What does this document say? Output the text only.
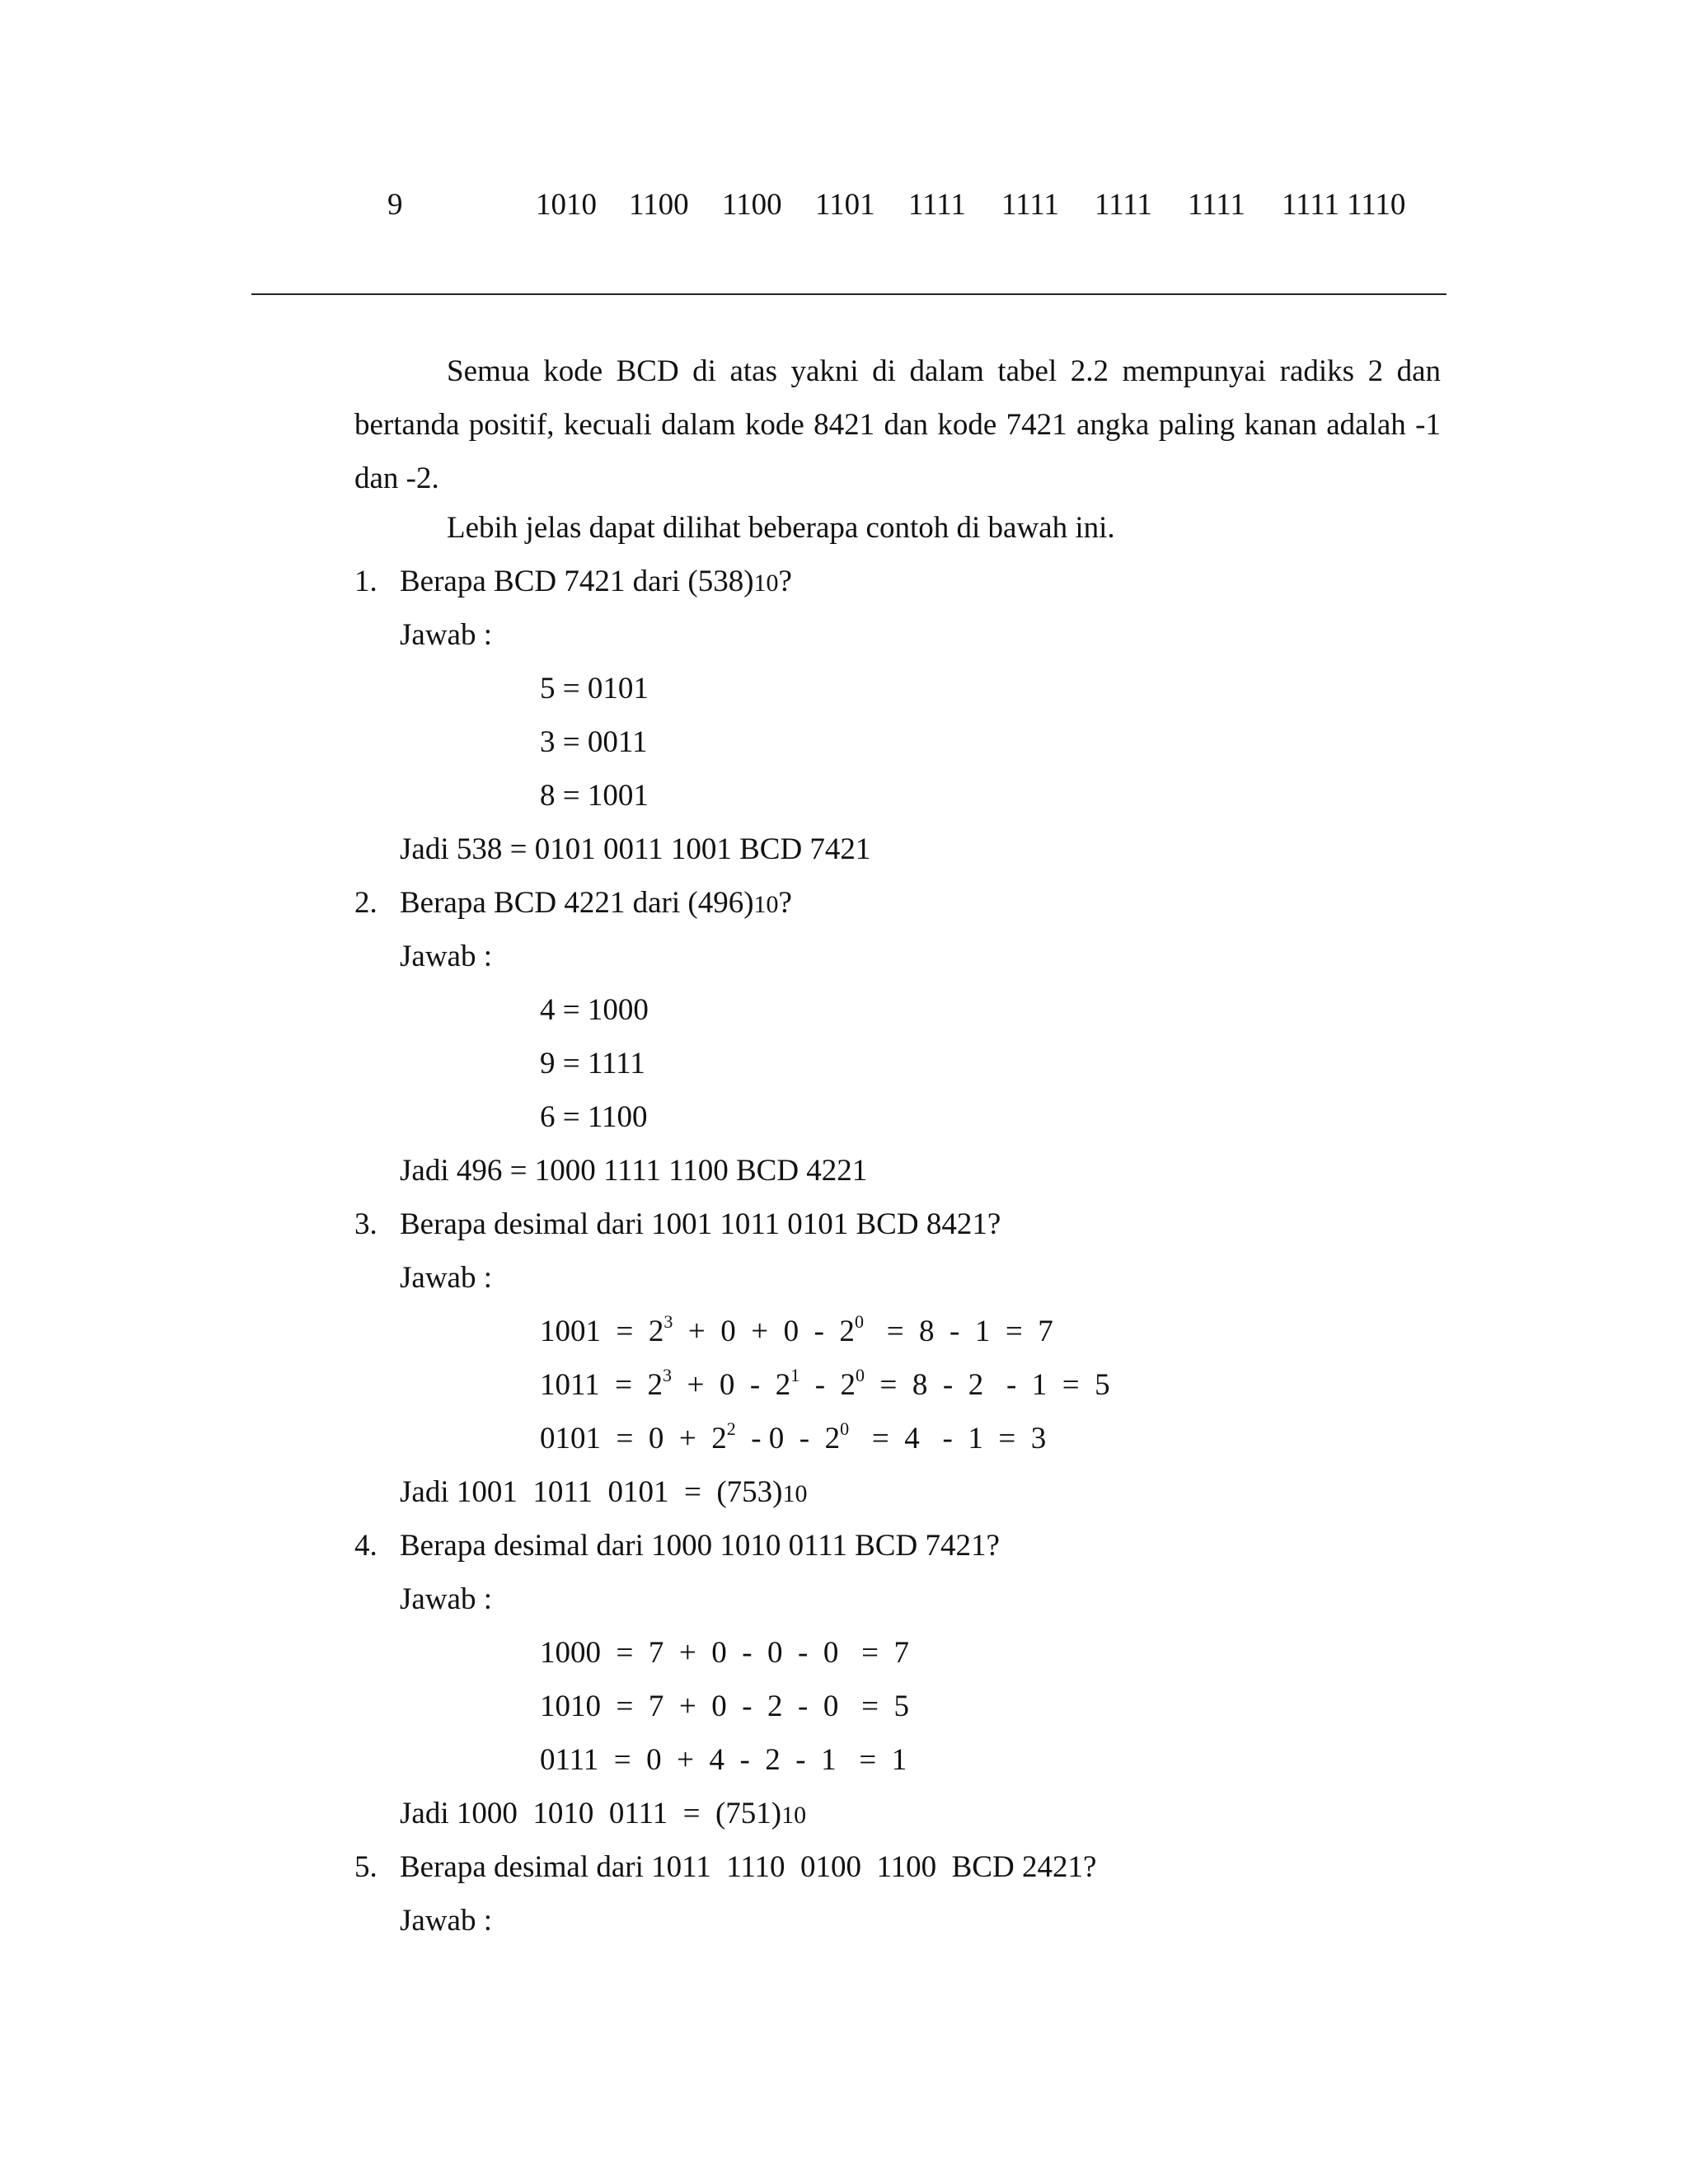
9	1010 1100 1100 1101 1111 1111 1111 1111 1111 1110
Semua kode BCD di atas yakni di dalam tabel 2.2 mempunyai radiks 2 dan bertanda positif, kecuali dalam kode 8421 dan kode 7421 angka paling kanan adalah -1 dan -2.
Lebih jelas dapat dilihat beberapa contoh di bawah ini.
1. Berapa BCD 7421 dari (538)10?
Jawab :
5 = 0101
3 = 0011
8 = 1001
Jadi 538 = 0101 0011 1001 BCD 7421
2. Berapa BCD 4221 dari (496)10?
Jawab :
4 = 1000
9 = 1111
6 = 1100
Jadi 496 = 1000 1111 1100 BCD 4221
3. Berapa desimal dari 1001 1011 0101 BCD 8421?
Jawab :
$1001 = 2^3 + 0 + 0 - 2^0 = 8 - 1 = 7$
$1011 = 2^3 + 0 - 2^1 - 2^0 = 8 - 2 - 1 = 5$
$0101 = 0 + 2^2 - 0 - 2^0 = 4 - 1 = 3$
Jadi 1001  1011  0101  =  (753)10
4. Berapa desimal dari 1000 1010 0111 BCD 7421?
Jawab :
1000  =  7  +  0  -  0  -  0   =  7
1010  =  7  +  0  -  2  -  0   =  5
0111  =  0  +  4  -  2  -  1   =  1
Jadi 1000  1010  0111  =  (751)10
5. Berapa desimal dari 1011  1110  0100  1100  BCD 2421?
Jawab :
